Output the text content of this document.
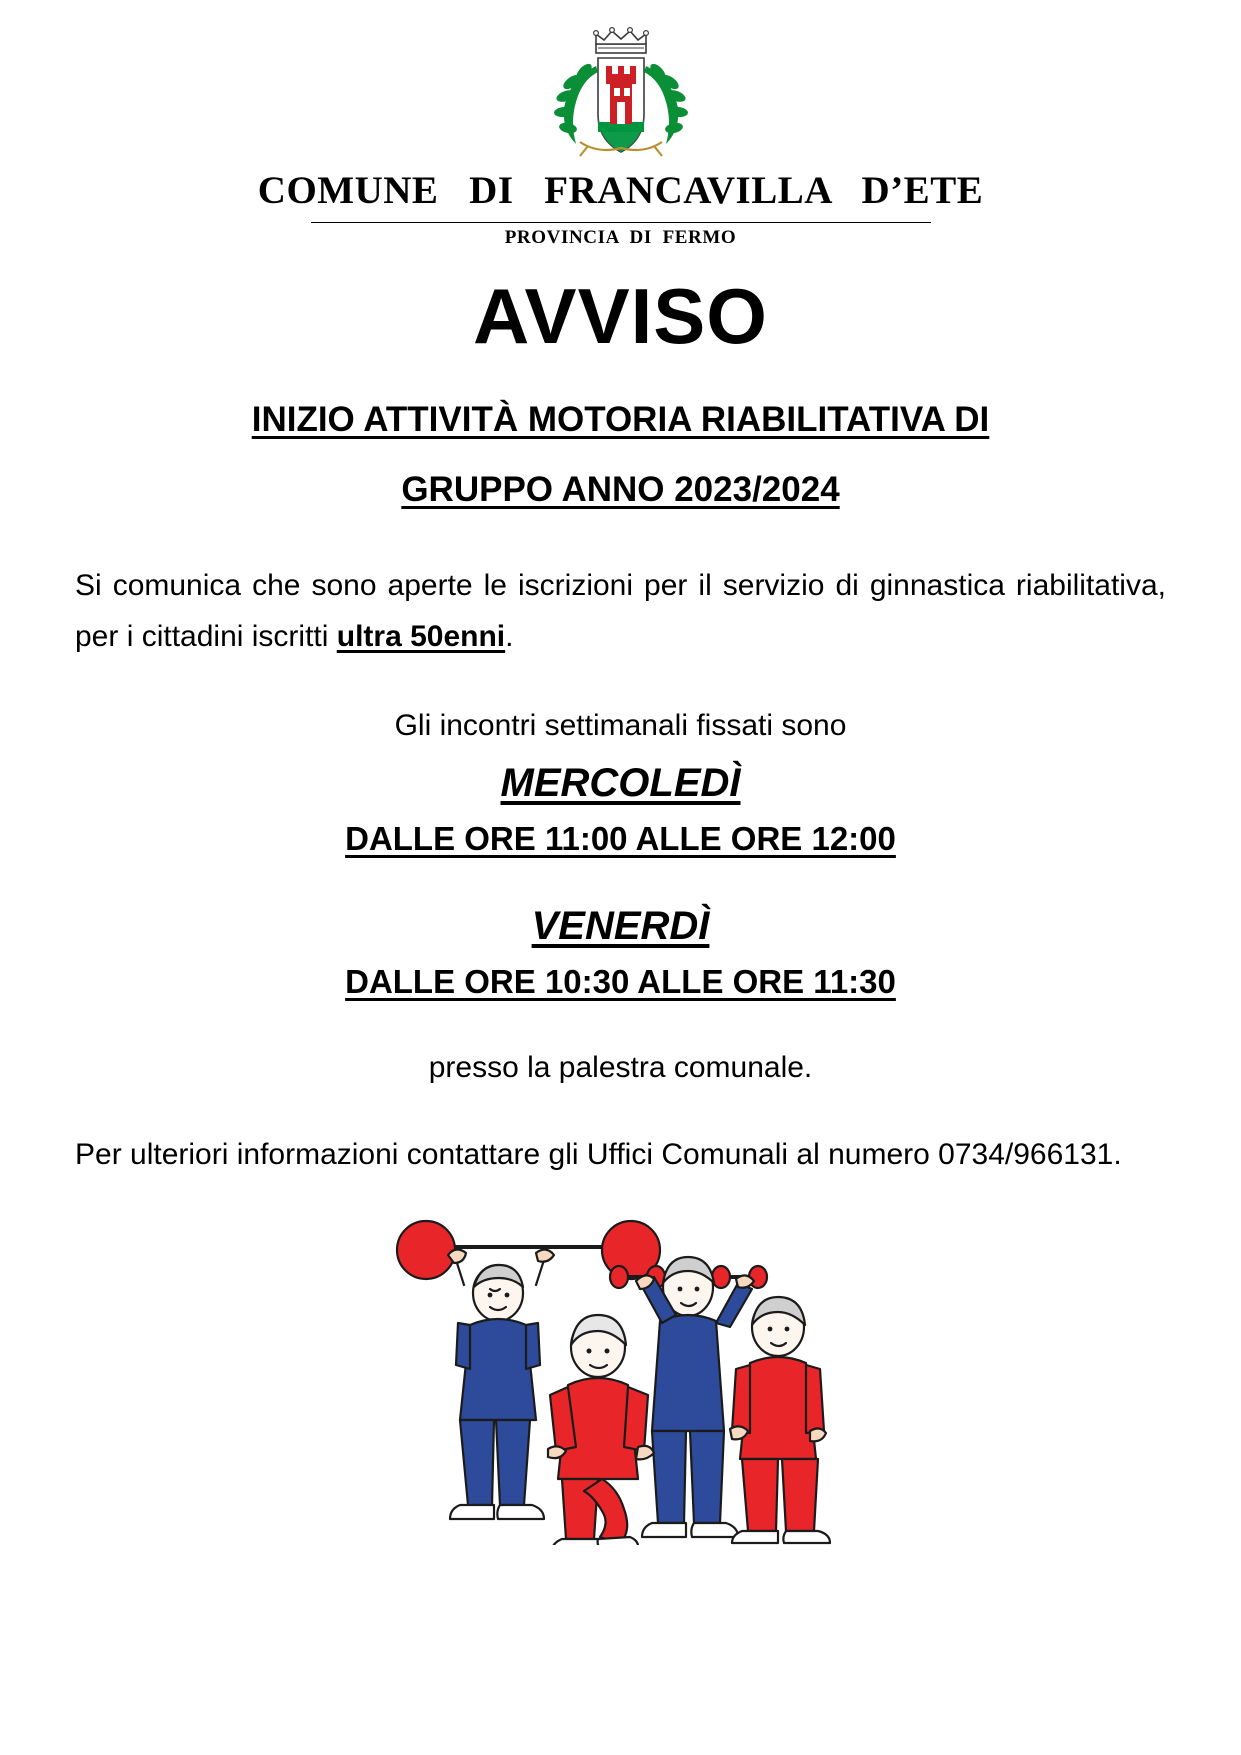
COMUNE   DI   FRANCAVILLA   D’ETE
PROVINCIA  DI  FERMO
AVVISO
INIZIO ATTIVITÀ MOTORIA RIABILITATIVA DI
GRUPPO ANNO 2023/2024

Si comunica che sono aperte le iscrizioni per il servizio di ginnastica riabilitativa, per i cittadini iscritti ultra 50enni.

Gli incontri settimanali fissati sono
MERCOLEDÌ
DALLE ORE 11:00 ALLE ORE 12:00
VENERDÌ
DALLE ORE 10:30 ALLE ORE 11:30
presso la palestra comunale.

Per ulteriori informazioni contattare gli Uffici Comunali al numero 0734/966131.
